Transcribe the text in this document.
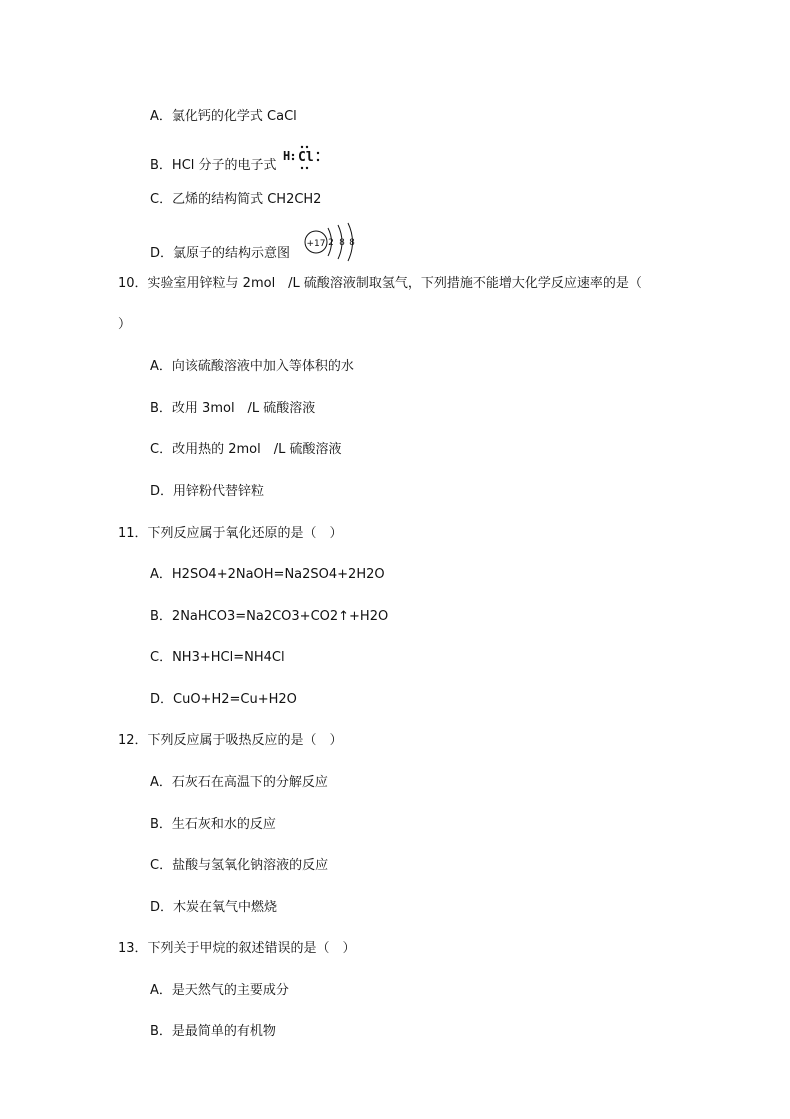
A．氯化钙的化学式 CaCl
B．HCl 分子的电子式
H Cl
C．乙烯的结构简式 CH2CH2
D．氯原子的结构示意图
+17 2 8 8
10．实验室用锌粒与 2mol　/L 硫酸溶液制取氢气，下列措施不能增大化学反应速率的是（
）
A．向该硫酸溶液中加入等体积的水
B．改用 3mol　/L 硫酸溶液
C．改用热的 2mol　/L 硫酸溶液
D．用锌粉代替锌粒
11．下列反应属于氧化还原的是（　）
A．H2SO4+2NaOH=Na2SO4+2H2O
B．2NaHCO3=Na2CO3+CO2↑+H2O
C．NH3+HCl=NH4Cl
D．CuO+H2=Cu+H2O
12．下列反应属于吸热反应的是（　）
A．石灰石在高温下的分解反应
B．生石灰和水的反应
C．盐酸与氢氧化钠溶液的反应
D．木炭在氧气中燃烧
13．下列关于甲烷的叙述错误的是（　）
A．是天然气的主要成分
B．是最简单的有机物
